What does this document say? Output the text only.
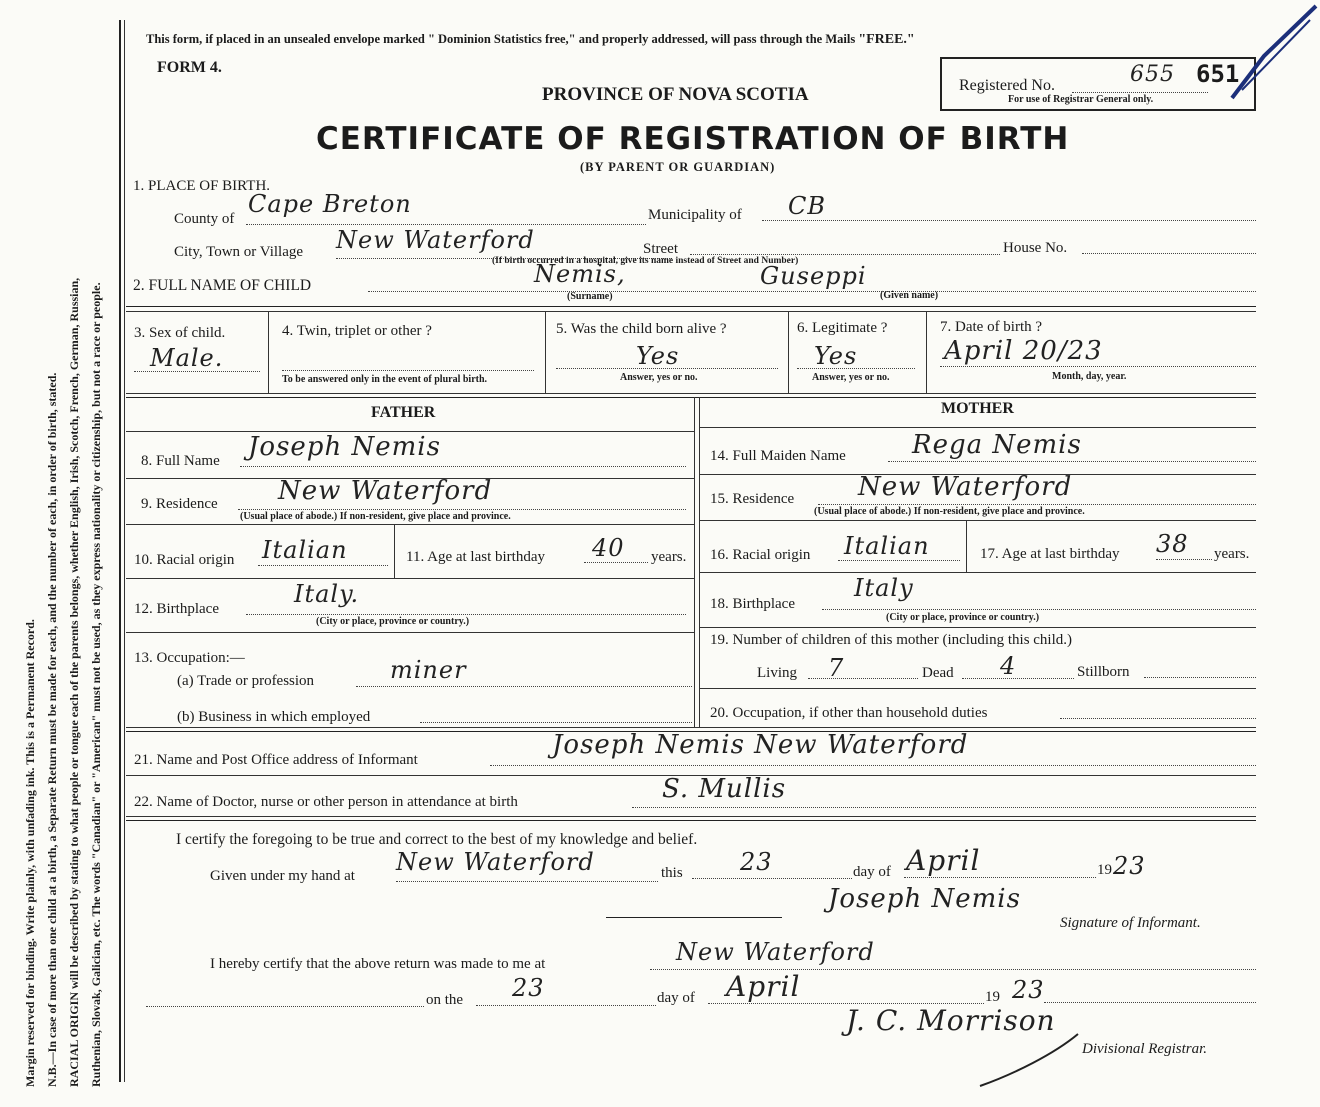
Margin reserved for binding. Write plainly, with unfading ink. This is a Permanent Record. N.B.—In case of more than one child at a birth, a Separate Return must be made for each, and the number of each, in order of birth, stated. RACIAL ORIGIN will be described by stating to what people or tongue each of the parents belongs, whether English, Irish, Scotch, French, German, Russian, Ruthenian, Slovak, Galician, etc. The words "Canadian" or "American" must not be used, as they express nationality or citizenship, but not a race or people.
This form, if placed in an unsealed envelope marked " Dominion Statistics free," and properly addressed, will pass through the Mails "FREE."
FORM 4.
PROVINCE OF NOVA SCOTIA
CERTIFICATE OF REGISTRATION OF BIRTH
(BY PARENT OR GUARDIAN)
Registered No.	655 651
For use of Registrar General only.
1. PLACE OF BIRTH.
County of
Cape Breton	Municipality of CB
City, Town or Village New Waterford	Street
(If birth occurred in a hospital, give its name instead of Street and Number)
House No.
2. FULL NAME OF CHILD	Nemis,
(Surname)
Guseppi
(Given name)
3. Sex of child.
Male.
4. Twin, triplet or other ?
To be answered only in the event of plural birth.
5. Was the child born alive ?
Yes
Answer, yes or no.
6. Legitimate ?
Yes
Answer, yes or no.
7. Date of birth ?
April 20/23
Month, day, year.
FATHER	MOTHER
8. Full Name Joseph Nemis
9. Residence New Waterford
(Usual place of abode.) If non-resident, give place and province.
10. Racial origin Italian	11. Age at last birthday 40 years.
12. Birthplace
Italy.
(City or place, province or country.)
13. Occupation:—
(a) Trade or profession	miner
(b) Business in which employed
14. Full Maiden Name	Rega Nemis
15. Residence New Waterford
(Usual place of abode.) If non-resident, give place and province.
16. Racial origin Italian	17. Age at last birthday 38 years.
18. Birthplace
Italy
(City or place, province or country.)
19. Number of children of this mother (including this child.)
Living 7	Dead 4	Stillborn
20. Occupation, if other than household duties
21. Name and Post Office address of Informant	Joseph Nemis New Waterford
22. Name of Doctor, nurse or other person in attendance at birth	S. Mullis
I certify the foregoing to be true and correct to the best of my knowledge and belief.
Given under my hand at New Waterford	this 23	day of April	19 23
Joseph Nemis
Signature of Informant.
I hereby certify that the above return was made to me at	New Waterford
on the 23	day of April	19 23
J. C. Morrison
Divisional Registrar.
